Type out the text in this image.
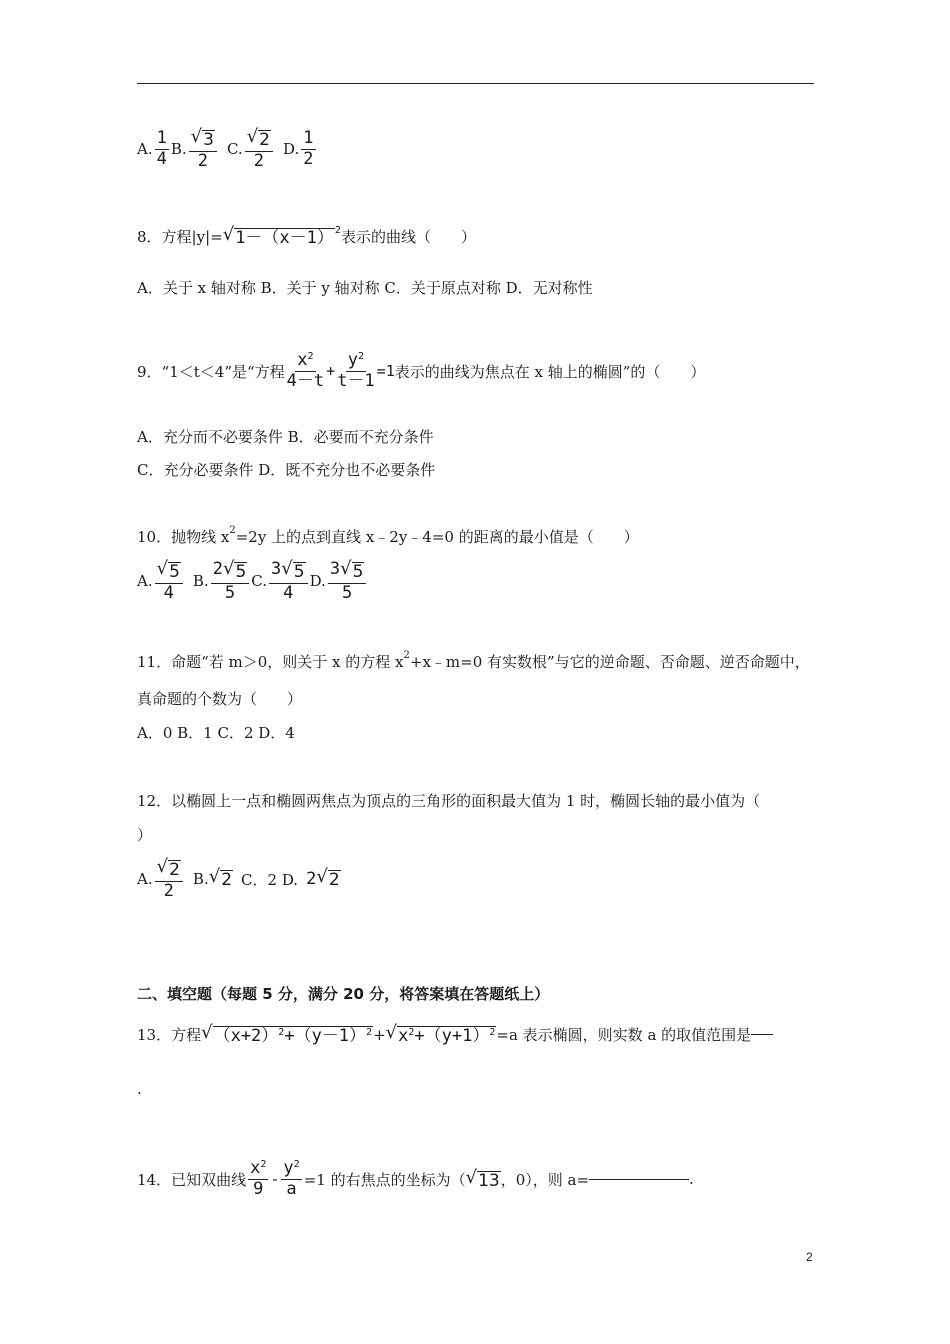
A. $\frac{1}{4} B$. $\frac{√ 3}{2} C$. $\frac{√ 2}{2} D$. $\frac{1}{2}$
8．方程|y|= √ 1－（x－1） 2 表示的曲线（　　）
A．关于 x 轴对称 B．关于 y 轴对称 C．关于原点对称 D．无对称性
9．“1＜t＜4”是“方程 $\frac{x^2}{4-t} + \frac{y^2}{t-1} =1$ 表示的曲线为焦点在 x 轴上的椭圆”的（　　）
A．充分而不必要条件 B．必要而不充分条件
C．充分必要条件 D．既不充分也不必要条件
10．抛物线 x 2 =2y 上的点到直线 x﹣2y﹣4=0 的距离的最小值是（　　）
A. $\frac{√ 5}{4} B$. $\frac{2 √ 5}{5} C$. $\frac{3 √ 5}{4} D$. $\frac{3 √ 5}{5}$
11．命题“若 m＞0，则关于 x 的方程 x 2 +x﹣m=0 有实数根”与它的逆命题、否命题、逆否命题中，
真命题的个数为（　　）
A．0 B．1 C．2 D．4
12．以椭圆上一点和椭圆两焦点为顶点的三角形的面积最大值为 1 时，椭圆长轴的最小值为（
）
A. $\frac{√ 2}{2} B$. √ 2 C．2 D. 2 √ 2
二、填空题（每题 5 分，满分 20 分，将答案填在答题纸上）
13．方程 √ $(x+2)^2+(y-1)^2$ + √ $x^2+(y+1)^2 =a$ 表示椭圆，则实数 a 的取值范围是
.
14．已知双曲线 $\frac{x^2}{9} - \frac{y^2}{a} =1$ 的右焦点的坐标为（ √ 13 ，0），则 a=	.
2
